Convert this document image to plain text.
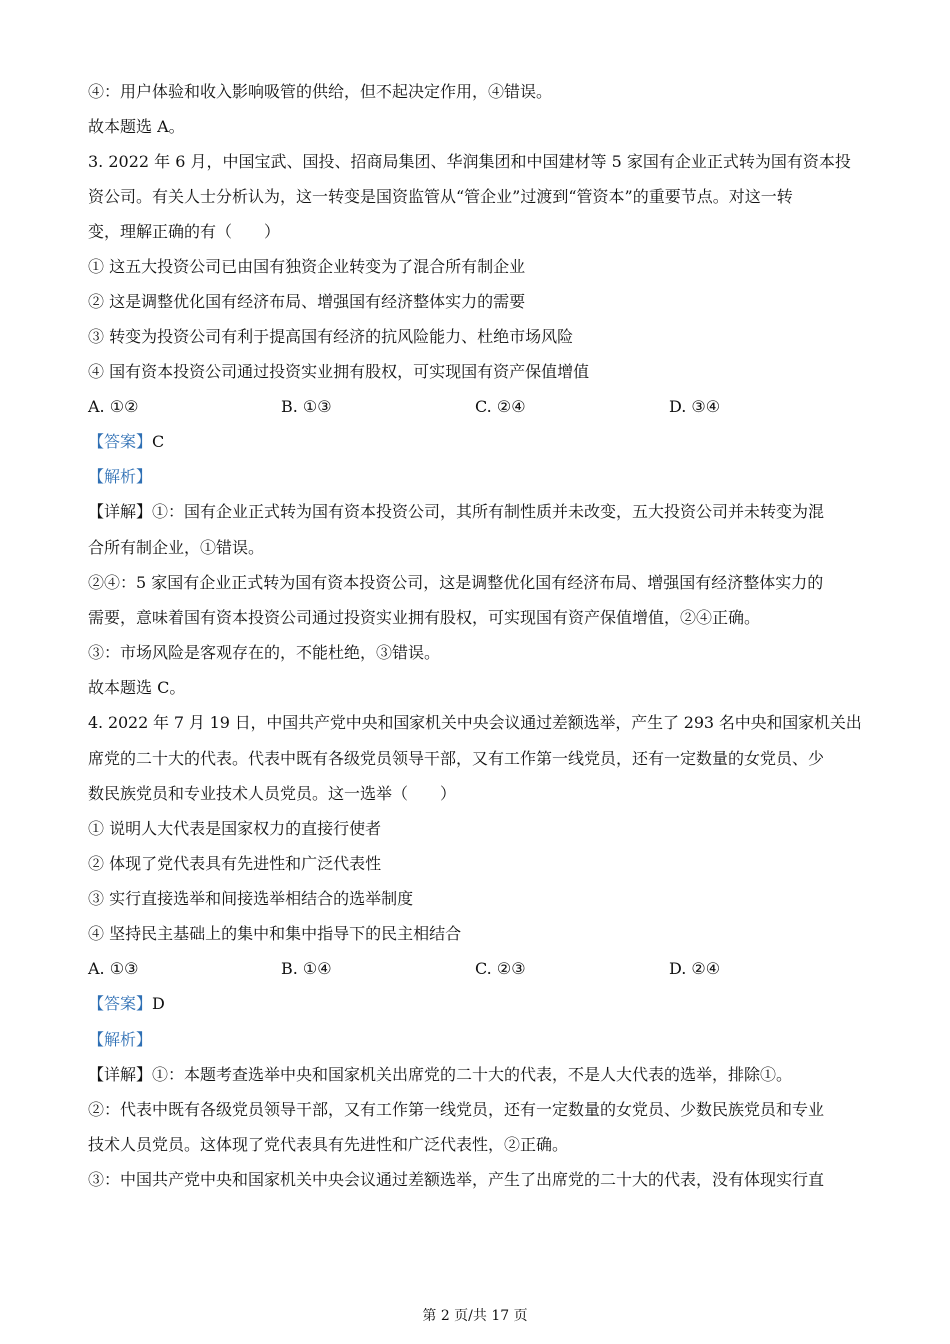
④：用户体验和收入影响吸管的供给，但不起决定作用，④错误。
故本题选 A。
3. 2022 年 6 月，中国宝武、国投、招商局集团、华润集团和中国建材等 5 家国有企业正式转为国有资本投
资公司。有关人士分析认为，这一转变是国资监管从“管企业”过渡到“管资本”的重要节点。对这一转
变，理解正确的有（　　）
① 这五大投资公司已由国有独资企业转变为了混合所有制企业
② 这是调整优化国有经济布局、增强国有经济整体实力的需要
③ 转变为投资公司有利于提高国有经济的抗风险能力、杜绝市场风险
④ 国有资本投资公司通过投资实业拥有股权，可实现国有资产保值增值
A. ①②	B. ①③	C. ②④	D. ③④
【答案】C
【解析】
【详解】①：国有企业正式转为国有资本投资公司，其所有制性质并未改变，五大投资公司并未转变为混
合所有制企业，①错误。
②④：5 家国有企业正式转为国有资本投资公司，这是调整优化国有经济布局、增强国有经济整体实力的
需要，意味着国有资本投资公司通过投资实业拥有股权，可实现国有资产保值增值，②④正确。
③：市场风险是客观存在的，不能杜绝，③错误。
故本题选 C。
4. 2022 年 7 月 19 日，中国共产党中央和国家机关中央会议通过差额选举，产生了 293 名中央和国家机关出
席党的二十大的代表。代表中既有各级党员领导干部，又有工作第一线党员，还有一定数量的女党员、少
数民族党员和专业技术人员党员。这一选举（　　）
① 说明人大代表是国家权力的直接行使者
② 体现了党代表具有先进性和广泛代表性
③ 实行直接选举和间接选举相结合的选举制度
④ 坚持民主基础上的集中和集中指导下的民主相结合
A. ①③	B. ①④	C. ②③	D. ②④
【答案】D
【解析】
【详解】①：本题考查选举中央和国家机关出席党的二十大的代表，不是人大代表的选举，排除①。
②：代表中既有各级党员领导干部，又有工作第一线党员，还有一定数量的女党员、少数民族党员和专业
技术人员党员。这体现了党代表具有先进性和广泛代表性，②正确。
③：中国共产党中央和国家机关中央会议通过差额选举，产生了出席党的二十大的代表，没有体现实行直
第 2 页/共 17 页
